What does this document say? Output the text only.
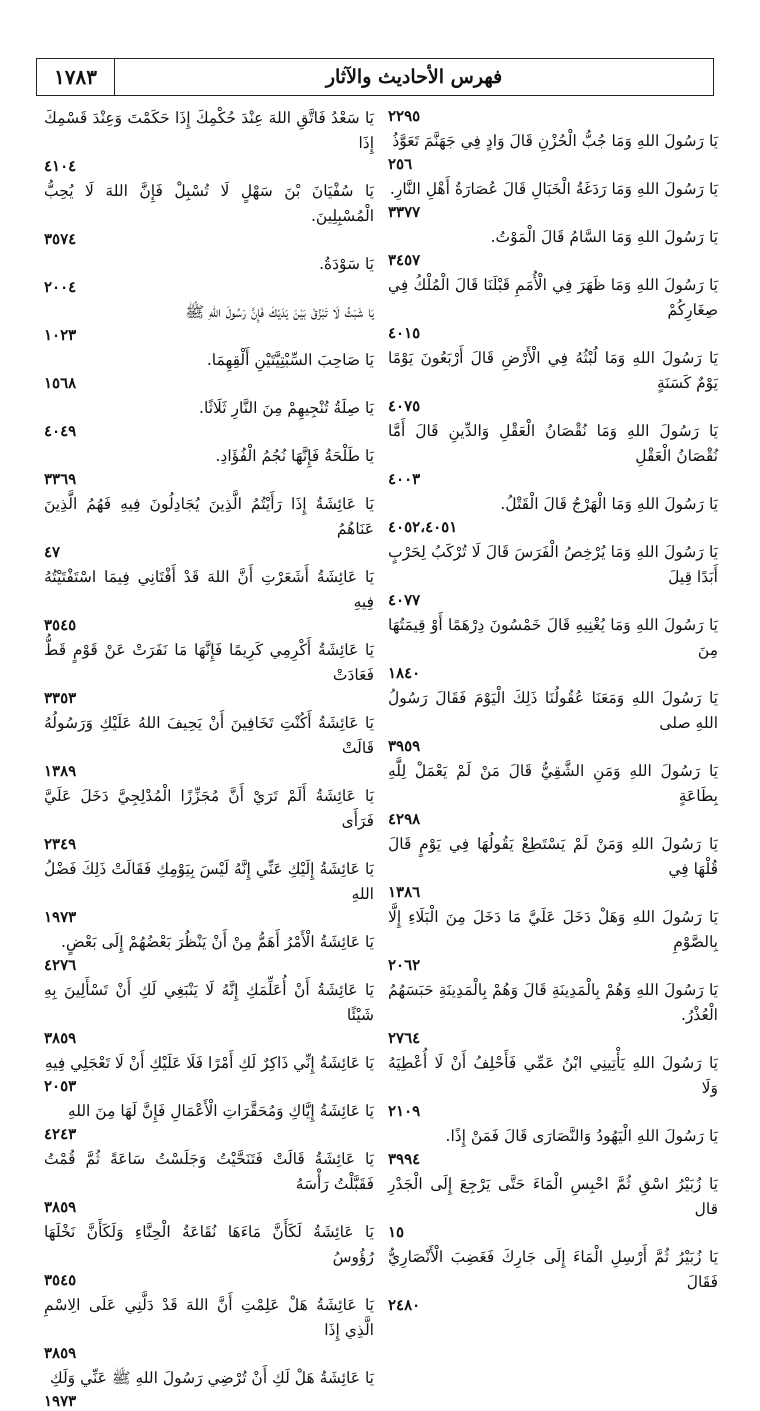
١٧٨٣	فهرس الأحاديث والآثار
٢٢٩٥
يَا رَسُولَ اللهِ وَمَا جُبُّ الْحُزْنِ قَالَ وَادٍ فِي جَهَنَّمَ تَعَوَّذُ
٢٥٦
يَا رَسُولَ اللهِ وَمَا رَدَغَةُ الْخَبَالِ قَالَ عُصَارَةُ أَهْلِ النَّارِ.
٣٣٧٧
يَا رَسُولَ اللهِ وَمَا السَّامُ قَالَ الْمَوْتُ.
٣٤٥٧
يَا رَسُولَ اللهِ وَمَا ظَهَرَ فِي الْأُمَمِ قَبْلَنَا قَالَ الْمُلْكُ فِي صِغَارِكُمْ
٤٠١٥
يَا رَسُولَ اللهِ وَمَا لُبْثُهُ فِي الْأَرْضِ قَالَ أَرْبَعُونَ يَوْمًا يَوْمٌ كَسَنَةٍ
٤٠٧٥
يَا رَسُولَ اللهِ وَمَا نُقْصَانُ الْعَقْلِ وَالدِّينِ قَالَ أَمَّا نُقْصَانُ الْعَقْلِ
٤٠٠٣
يَا رَسُولَ اللهِ وَمَا الْهَرْجُ قَالَ الْقَتْلُ.
٤٠٥٢،٤٠٥١
يَا رَسُولَ اللهِ وَمَا يُرْخِصُ الْفَرَسَ قَالَ لَا تُرْكَبُ لِحَرْبٍ أَبَدًا قِيلَ
٤٠٧٧
يَا رَسُولَ اللهِ وَمَا يُغْنِيهِ قَالَ خَمْسُونَ دِرْهَمًا أَوْ قِيمَتُهَا مِنَ
١٨٤٠
يَا رَسُولَ اللهِ وَمَعَنَا عُقُولُنَا ذَلِكَ الْيَوْمَ فَقَالَ رَسُولُ اللهِ صلى
٣٩٥٩
يَا رَسُولَ اللهِ وَمَنِ الشَّقِيُّ قَالَ مَنْ لَمْ يَعْمَلْ لِلَّهِ بِطَاعَةٍ
٤٢٩٨
يَا رَسُولَ اللهِ وَمَنْ لَمْ يَسْتَطِعْ يَقُولُهَا فِي يَوْمٍ قَالَ قُلْهَا فِي
١٣٨٦
يَا رَسُولَ اللهِ وَهَلْ دَخَلَ عَلَيَّ مَا دَخَلَ مِنَ الْبَلَاءِ إِلَّا بِالصَّوْمِ
٢٠٦٢
يَا رَسُولَ اللهِ وَهُمْ بِالْمَدِينَةِ قَالَ وَهُمْ بِالْمَدِينَةِ حَبَسَهُمُ الْعُذْرُ.
٢٧٦٤
يَا رَسُولَ اللهِ يَأْتِينِي ابْنُ عَمِّي فَأَحْلِفُ أَنْ لَا أُعْطِيَهُ وَلَا
٢١٠٩
يَا رَسُولَ اللهِ الْيَهُودُ وَالنَّصَارَى قَالَ فَمَنْ إِذًا.
٣٩٩٤
يَا زُبَيْرُ اسْقِ ثُمَّ احْبِسِ الْمَاءَ حَتَّى يَرْجِعَ إِلَى الْجَدْرِ قال
١٥
يَا زُبَيْرُ ثُمَّ أَرْسِلِ الْمَاءَ إِلَى جَارِكَ فَغَضِبَ الْأَنْصَارِيُّ فَقَالَ
٢٤٨٠
يَا سَعْدُ فَاتَّقِ اللهَ عِنْدَ حُكْمِكَ إِذَا حَكَمْتَ وَعِنْدَ قَسْمِكَ إِذَا
٤١٠٤
يَا سُفْيَانَ بْنَ سَهْلٍ لَا تُسْبِلْ فَإِنَّ اللهَ لَا يُحِبُّ الْمُسْبِلِينَ.
٣٥٧٤
يَا سَوْدَةُ.
٢٠٠٤
يَا شَبَثُ لَا تَبْزُقْ بَيْنَ يَدَيْكَ فَإِنَّ رَسُولَ اللهِ ﷺ
١٠٢٣
يَا صَاحِبَ السِّبْتِيَّتَيْنِ أَلْقِهِمَا.
١٥٦٨
يَا صِلَةُ تُنْجِيهِمْ مِنَ النَّارِ ثَلَاثًا.
٤٠٤٩
يَا طَلْحَةُ فَإِنَّهَا نُجُمُ الْفُؤَادِ.
٣٣٦٩
يَا عَائِشَةُ إِذَا رَأَيْتُمُ الَّذِينَ يُجَادِلُونَ فِيهِ فَهُمُ الَّذِينَ عَنَاهُمُ
٤٧
يَا عَائِشَةُ أَشَعَرْتِ أَنَّ اللهَ قَدْ أَفْتَانِي فِيمَا اسْتَفْتَيْتُهُ فِيهِ
٣٥٤٥
يَا عَائِشَةُ أَكْرِمِي كَرِيمًا فَإِنَّهَا مَا نَفَرَتْ عَنْ قَوْمٍ قَطُّ فَعَادَتْ
٣٣٥٣
يَا عَائِشَةُ أَكُنْتِ تَخَافِينَ أَنْ يَحِيفَ اللهُ عَلَيْكِ وَرَسُولُهُ قَالَتْ
١٣٨٩
يَا عَائِشَةُ أَلَمْ تَرَيْ أَنَّ مُجَزِّزًا الْمُدْلِجِيَّ دَخَلَ عَلَيَّ فَرَأَى
٢٣٤٩
يَا عَائِشَةُ إِلَيْكِ عَنِّي إِنَّهُ لَيْسَ بِيَوْمِكِ فَقَالَتْ ذَلِكَ فَضْلُ اللهِ
١٩٧٣
يَا عَائِشَةُ الْأَمْرُ أَهَمُّ مِنْ أَنْ يَنْظُرَ بَعْضُهُمْ إِلَى بَعْضٍ.
٤٢٧٦
يَا عَائِشَةُ أَنْ أُعَلِّمَكِ إِنَّهُ لَا يَنْبَغِي لَكِ أَنْ تَسْأَلِينَ بِهِ شَيْئًا
٣٨٥٩
يَا عَائِشَةُ إِنِّي ذَاكِرٌ لَكِ أَمْرًا فَلَا عَلَيْكِ أَنْ لَا تَعْجَلِي فِيهِ
٢٠٥٣
يَا عَائِشَةُ إِيَّاكِ وَمُحَقَّرَاتِ الْأَعْمَالِ فَإِنَّ لَهَا مِنَ اللهِ
٤٢٤٣
يَا عَائِشَةُ قَالَتْ فَتَنَحَّيْتُ وَجَلَسْتُ سَاعَةً ثُمَّ قُمْتُ فَقَبَّلْتُ رَأْسَهُ
٣٨٥٩
يَا عَائِشَةُ لَكَأَنَّ مَاءَهَا نُقَاعَةُ الْحِنَّاءِ وَلَكَأَنَّ نَخْلَهَا رُؤُوسُ
٣٥٤٥
يَا عَائِشَةُ هَلْ عَلِمْتِ أَنَّ اللهَ قَدْ دَلَّنِي عَلَى الِاسْمِ الَّذِي إِذَا
٣٨٥٩
يَا عَائِشَةُ هَلْ لَكِ أَنْ تُرْضِي رَسُولَ اللهِ ﷺ عَنِّي وَلَكِ
١٩٧٣
